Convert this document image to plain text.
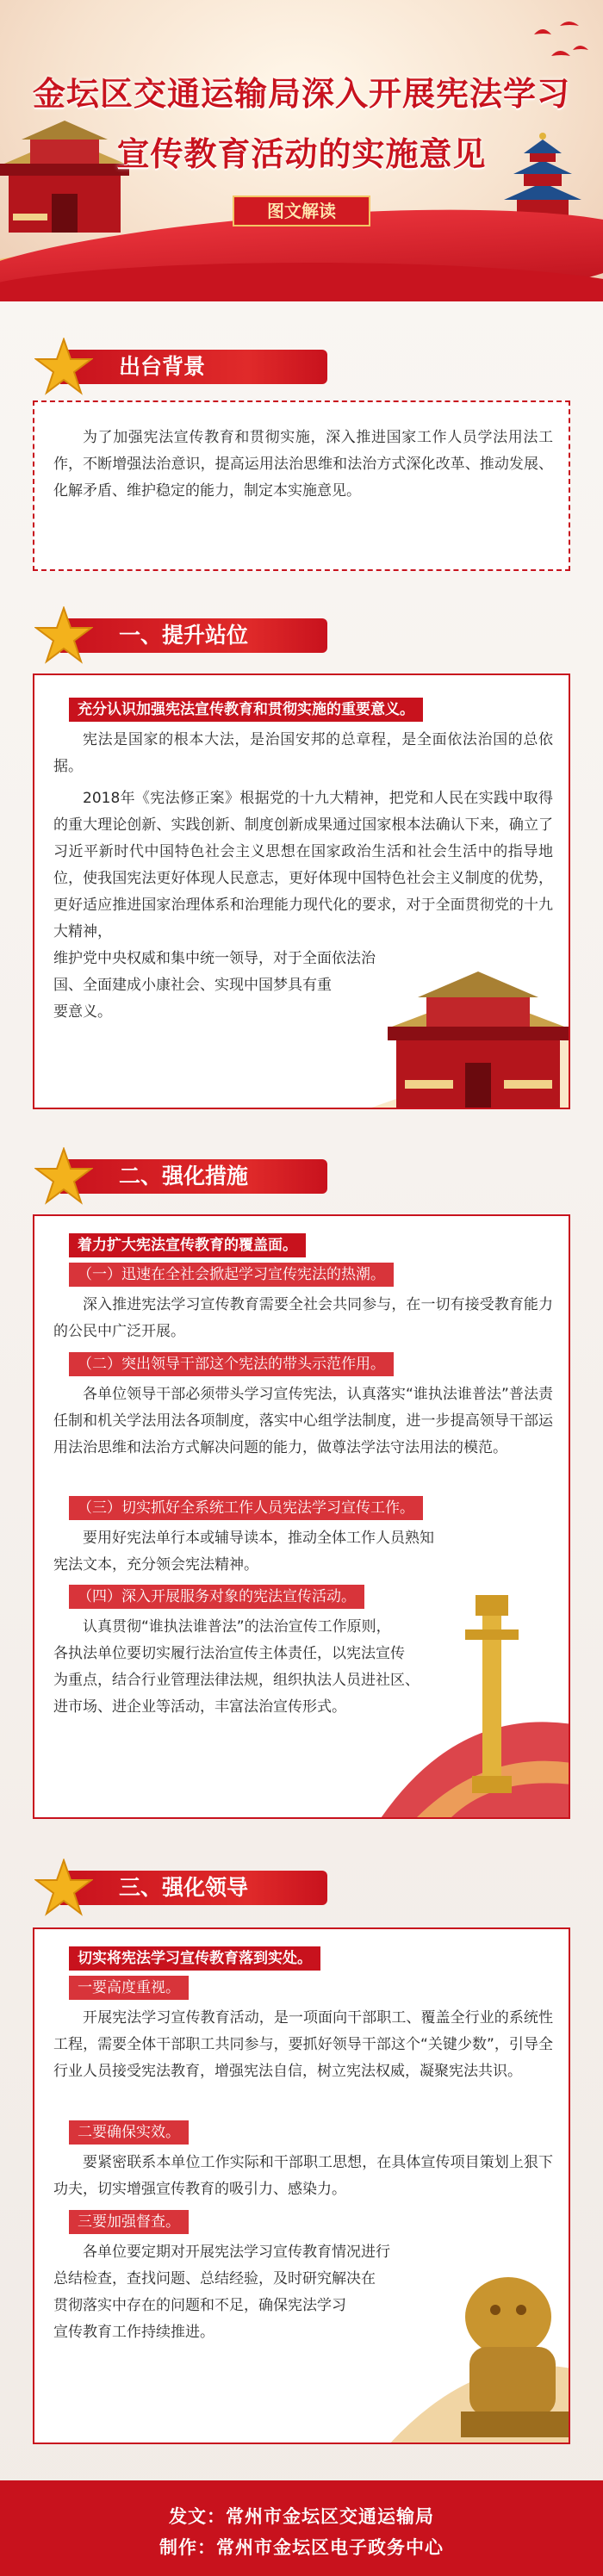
金坛区交通运输局深入开展宪法学习
宣传教育活动的实施意见
图文解读
出台背景
为了加强宪法宣传教育和贯彻实施，深入推进国家工作人员学法用法工作，不断增强法治意识，提高运用法治思维和法治方式深化改革、推动发展、化解矛盾、维护稳定的能力，制定本实施意见。
一、提升站位
充分认识加强宪法宣传教育和贯彻实施的重要意义。
宪法是国家的根本大法，是治国安邦的总章程，是全面依法治国的总依据。
2018年《宪法修正案》根据党的十九大精神，把党和人民在实践中取得的重大理论创新、实践创新、制度创新成果通过国家根本法确认下来，确立了习近平新时代中国特色社会主义思想在国家政治生活和社会生活中的指导地位，使我国宪法更好体现人民意志，更好体现中国特色社会主义制度的优势，更好适应推进国家治理体系和治理能力现代化的要求，对于全面贯彻党的十九大精神，
维护党中央权威和集中统一领导，对于全面依法治
国、全面建成小康社会、实现中国梦具有重
要意义。
二、强化措施
着力扩大宪法宣传教育的覆盖面。
（一）迅速在全社会掀起学习宣传宪法的热潮。
深入推进宪法学习宣传教育需要全社会共同参与，在一切有接受教育能力的公民中广泛开展。
（二）突出领导干部这个宪法的带头示范作用。
各单位领导干部必须带头学习宣传宪法，认真落实“谁执法谁普法”普法责任制和机关学法用法各项制度，落实中心组学法制度，进一步提高领导干部运用法治思维和法治方式解决问题的能力，做尊法学法守法用法的模范。
（三）切实抓好全系统工作人员宪法学习宣传工作。
要用好宪法单行本或辅导读本，推动全体工作人员熟知
宪法文本，充分领会宪法精神。
（四）深入开展服务对象的宪法宣传活动。
认真贯彻“谁执法谁普法”的法治宣传工作原则，
各执法单位要切实履行法治宣传主体责任，以宪法宣传
为重点，结合行业管理法律法规，组织执法人员进社区、
进市场、进企业等活动，丰富法治宣传形式。
三、强化领导
切实将宪法学习宣传教育落到实处。
一要高度重视。
开展宪法学习宣传教育活动，是一项面向干部职工、覆盖全行业的系统性工程，需要全体干部职工共同参与，要抓好领导干部这个“关键少数”，引导全行业人员接受宪法教育，增强宪法自信，树立宪法权威，凝聚宪法共识。
二要确保实效。
要紧密联系本单位工作实际和干部职工思想，在具体宣传项目策划上狠下功夫，切实增强宣传教育的吸引力、感染力。
三要加强督查。
各单位要定期对开展宪法学习宣传教育情况进行
总结检查，查找问题、总结经验，及时研究解决在
贯彻落实中存在的问题和不足，确保宪法学习
宣传教育工作持续推进。
发文：常州市金坛区交通运输局
制作：常州市金坛区电子政务中心
